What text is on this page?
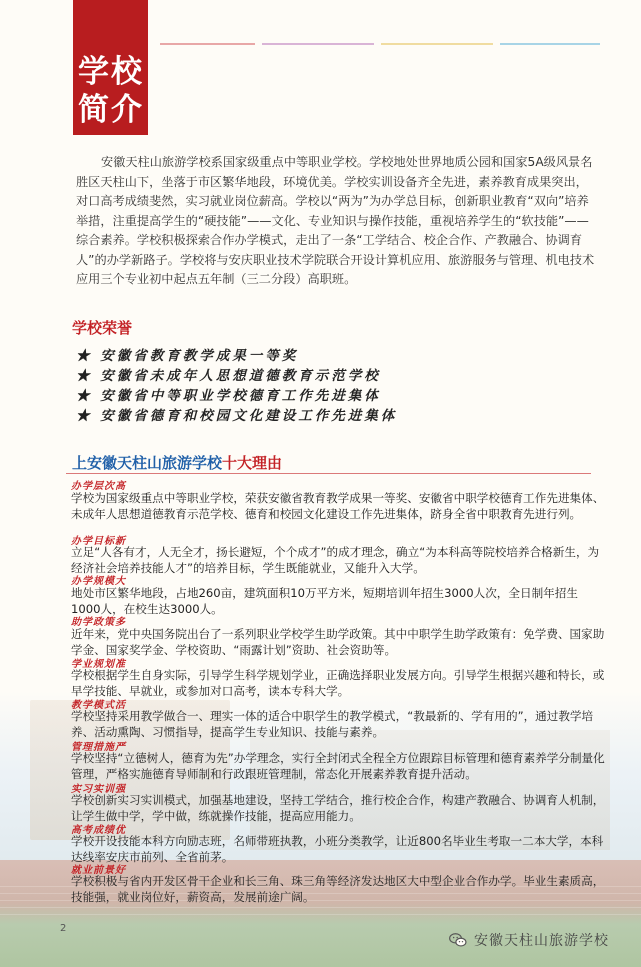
学校
简介

安徽天柱山旅游学校系国家级重点中等职业学校。学校地处世界地质公园和国家5A级风景名胜区天柱山下，坐落于市区繁华地段，环境优美。学校实训设备齐全先进，素养教育成果突出，对口高考成绩斐然，实习就业岗位薪高。学校以“两为”为办学总目标，创新职业教育“双向”培养举措，注重提高学生的“硬技能”——文化、专业知识与操作技能，重视培养学生的“软技能”——综合素养。学校积极探索合作办学模式，走出了一条“工学结合、校企合作、产教融合、协调育人”的办学新路子。学校将与安庆职业技术学院联合开设计算机应用、旅游服务与管理、机电技术应用三个专业初中起点五年制（三二分段）高职班。

学校荣誉

★ 安徽省教育教学成果一等奖

★ 安徽省未成年人思想道德教育示范学校

★ 安徽省中等职业学校德育工作先进集体

★ 安徽省德育和校园文化建设工作先进集体

上安徽天柱山旅游学校十大理由

办学层次高

学校为国家级重点中等职业学校，荣获安徽省教育教学成果一等奖、安徽省中职学校德育工作先进集体、未成年人思想道德教育示范学校、德育和校园文化建设工作先进集体，跻身全省中职教育先进行列。

办学目标新

立足“人各有才，人无全才，扬长避短，个个成才”的成才理念，确立“为本科高等院校培养合格新生，为经济社会培养技能人才”的培养目标，学生既能就业，又能升入大学。

办学规模大

地处市区繁华地段，占地260亩，建筑面积10万平方米，短期培训年招生3000人次，全日制年招生1000人，在校生达3000人。

助学政策多

近年来，党中央国务院出台了一系列职业学校学生助学政策。其中中职学生助学政策有：免学费、国家助学金、国家奖学金、学校资助、“雨露计划”资助、社会资助等。

学业规划准

学校根据学生自身实际，引导学生科学规划学业，正确选择职业发展方向。引导学生根据兴趣和特长，或早学技能、早就业，或参加对口高考，读本专科大学。

教学模式活

学校坚持采用教学做合一、理实一体的适合中职学生的教学模式，“教最新的、学有用的”，通过教学培养、活动熏陶、习惯指导，提高学生专业知识、技能与素养。

管理措施严

学校坚持“立德树人，德育为先”办学理念，实行全封闭式全程全方位跟踪目标管理和德育素养学分制量化管理，严格实施德育导师制和行政跟班管理制，常态化开展素养教育提升活动。

实习实训强

学校创新实习实训模式，加强基地建设，坚持工学结合，推行校企合作，构建产教融合、协调育人机制，让学生做中学，学中做，练就操作技能，提高应用能力。

高考成绩优

学校开设技能本科方向励志班，名师带班执教，小班分类教学，让近800名毕业生考取一二本大学，本科达线率安庆市前列、全省前茅。

就业前景好

学校积极与省内开发区骨干企业和长三角、珠三角等经济发达地区大中型企业合作办学。毕业生素质高，技能强，就业岗位好，薪资高，发展前途广阔。

2
安徽天柱山旅游学校
